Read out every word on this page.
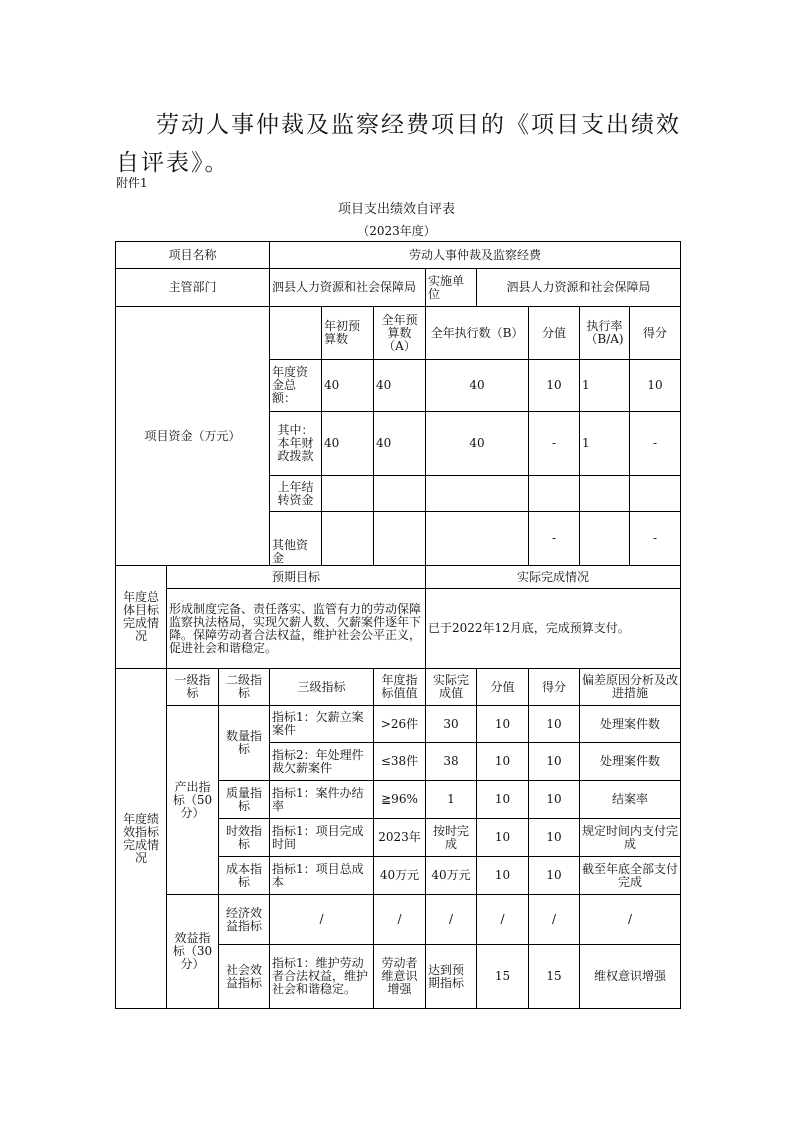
劳动人事仲裁及监察经费项目的《项目支出绩效自评表》。
附件1
项目支出绩效自评表
（2023年度）
项目名称			劳动人事仲裁及监察经费							
主管部门			泗县人力资源和社会保障局			实施单位	泗县人力资源和社会保障局			
项目资金（万元）				年初预算数	全年预算数（A）	全年执行数（B）		分值	执行率（B/A)	得分
			年度资金总额：	40	40	40		10	1	10
			其中：本年财政拨款	40	40	40		-	1	-
			上年结转资金							
			其他资金					-		-
年度总体目标完成情况	预期目标					实际完成情况				
	形成制度完备、责任落实、监管有力的劳动保障监察执法格局，实现欠薪人数、欠薪案件逐年下降。保障劳动者合法权益，维护社会公平正义，促进社会和谐稳定。					已于2022年12月底，完成预算支付。				
年度绩效指标完成情况	一级指标	二级指标	三级指标		年度指标值值	实际完成值	分值	得分	偏差原因分析及改进措施	
	产出指标（50分）	数量指标	指标1：欠薪立案案件		>26件	30	10	10	处理案件数	
			指标2：年处理件裁欠薪案件		≤38件	38	10	10	处理案件数	
		质量指标	指标1：案件办结率		≧96%	1	10	10	结案率	
		时效指标	指标1：项目完成时间		2023年	按时完成	10	10	规定时间内支付完成	
		成本指标	指标1：项目总成本		40万元	40万元	10	10	截至年底全部支付完成	
	效益指标（30分）	经济效益指标	/		/	/	/	/	/	
		社会效益指标	指标1：维护劳动者合法权益，维护社会和谐稳定。		劳动者维意识增强	达到预期指标	15	15	维权意识增强	
